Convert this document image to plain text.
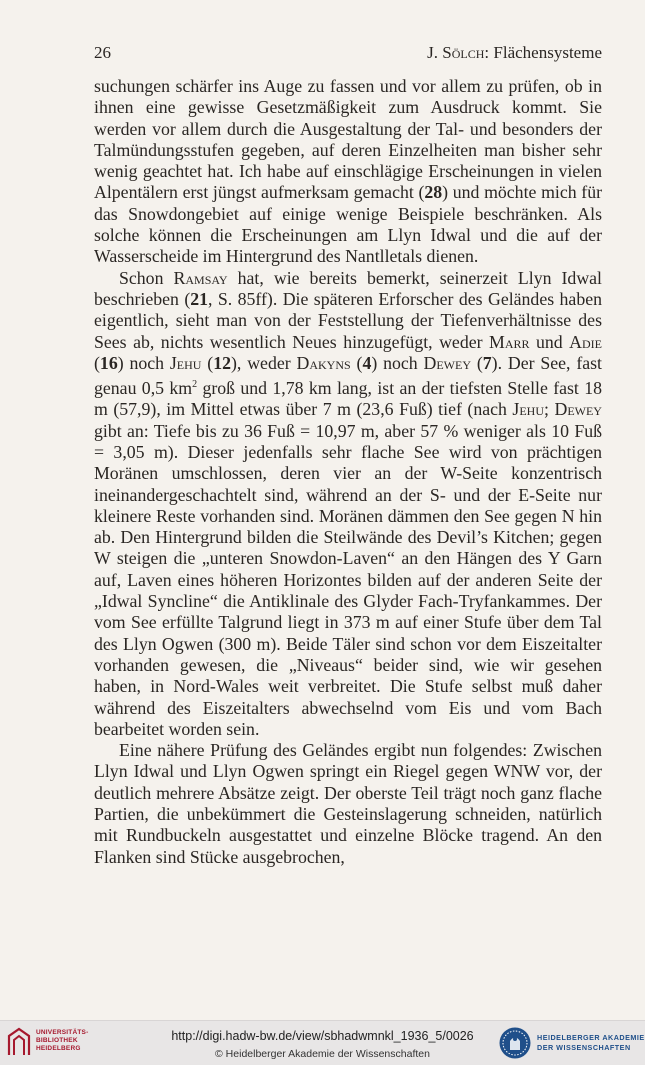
26	J. Sölch: Flächensysteme

suchungen schärfer ins Auge zu fassen und vor allem zu prüfen, ob in ihnen eine gewisse Gesetzmäßigkeit zum Ausdruck kommt. Sie werden vor allem durch die Ausgestaltung der Tal- und besonders der Talmündungsstufen gegeben, auf deren Einzelheiten man bisher sehr wenig geachtet hat. Ich habe auf einschlägige Erscheinungen in vielen Alpentälern erst jüngst aufmerksam gemacht (28) und möchte mich für das Snowdongebiet auf einige wenige Beispiele beschränken. Als solche können die Erscheinungen am Llyn Idwal und die auf der Wasserscheide im Hintergrund des Nantlletals dienen.

Schon Ramsay hat, wie bereits bemerkt, seinerzeit Llyn Idwal beschrieben (21, S. 85ff). Die späteren Erforscher des Geländes haben eigentlich, sieht man von der Feststellung der Tiefenverhältnisse des Sees ab, nichts wesentlich Neues hinzugefügt, weder Marr und Adie (16) noch Jehu (12), weder Dakyns (4) noch Dewey (7). Der See, fast genau 0,5 $km^2$ groß und 1,78 km lang, ist an der tiefsten Stelle fast 18 m (57,9), im Mittel etwas über 7 m (23,6 Fuß) tief (nach Jehu; Dewey gibt an: Tiefe bis zu 36 Fuß = 10,97 m, aber 57 % weniger als 10 Fuß = 3,05 m). Dieser jedenfalls sehr flache See wird von prächtigen Moränen umschlossen, deren vier an der W-Seite konzentrisch ineinandergeschachtelt sind, während an der S- und der E-Seite nur kleinere Reste vorhanden sind. Moränen dämmen den See gegen N hin ab. Den Hintergrund bilden die Steilwände des Devil’s Kitchen; gegen W steigen die „unteren Snowdon-Laven“ an den Hängen des Y Garn auf, Laven eines höheren Horizontes bilden auf der anderen Seite der „Idwal Syncline“ die Antiklinale des Glyder Fach-Tryfankammes. Der vom See erfüllte Talgrund liegt in 373 m auf einer Stufe über dem Tal des Llyn Ogwen (300 m). Beide Täler sind schon vor dem Eiszeitalter vorhanden gewesen, die „Niveaus“ beider sind, wie wir gesehen haben, in Nord-Wales weit verbreitet. Die Stufe selbst muß daher während des Eiszeitalters abwechselnd vom Eis und vom Bach bearbeitet worden sein.

Eine nähere Prüfung des Geländes ergibt nun folgendes: Zwischen Llyn Idwal und Llyn Ogwen springt ein Riegel gegen WNW vor, der deutlich mehrere Absätze zeigt. Der oberste Teil trägt noch ganz flache Partien, die unbekümmert die Gesteinslagerung schneiden, natürlich mit Rundbuckeln ausgestattet und einzelne Blöcke tragend. An den Flanken sind Stücke ausgebrochen,

UNIVERSITÄTS-
BIBLIOTHEK
HEIDELBERG
http://digi.hadw-bw.de/view/sbhadwmnkl_1936_5/0026
© Heidelberger Akademie der Wissenschaften
HEIDELBERGER AKADEMIE
DER WISSENSCHAFTEN
